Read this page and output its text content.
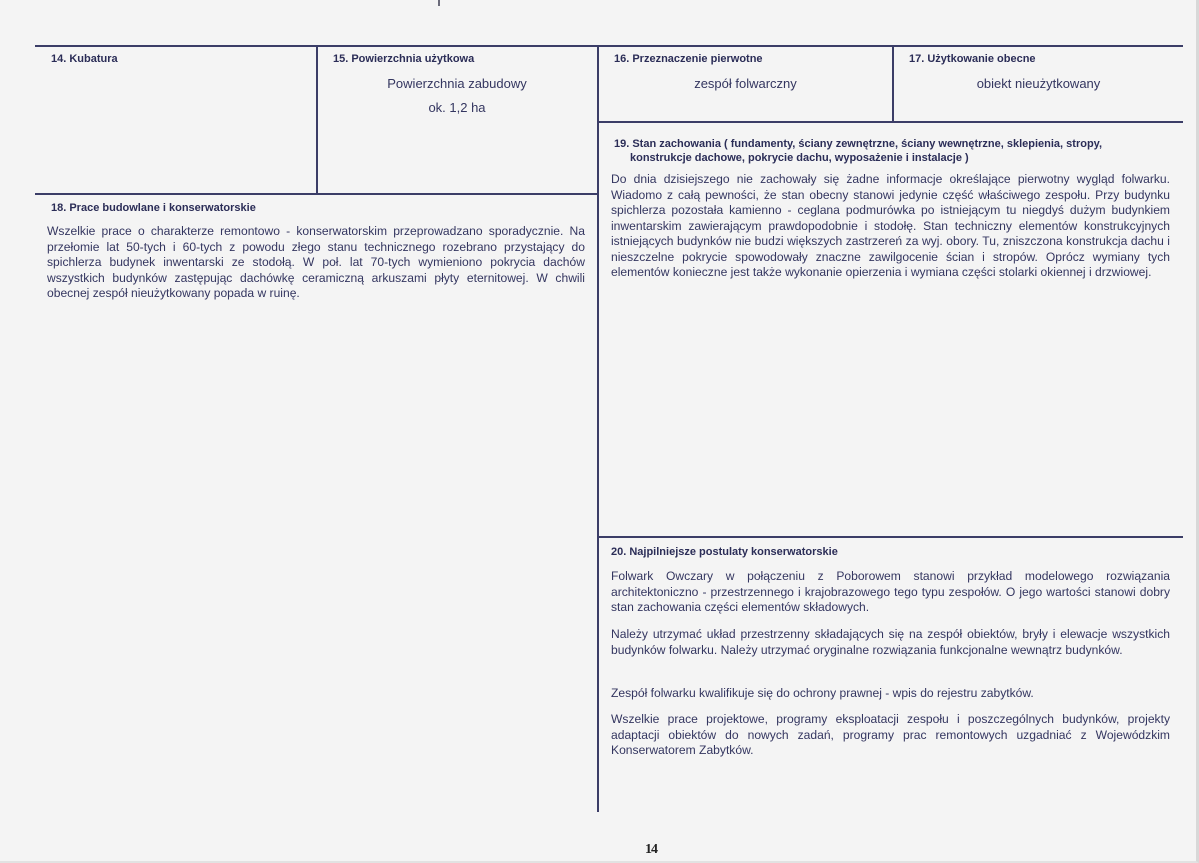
14. Kubatura	15. Powierzchnia użytkowa
Powierzchnia zabudowy
ok. 1,2 ha
16. Przeznaczenie pierwotne
zespół folwarczny
17. Użytkowanie obecne
obiekt nieużytkowany
18. Prace budowlane i konserwatorskie

Wszelkie prace o charakterze remontowo - konserwatorskim przeprowadzano sporadycznie. Na przełomie lat 50-tych i 60-tych z powodu złego stanu technicznego rozebrano przystający do spichlerza budynek inwentarski ze stodołą. W poł. lat 70-tych wymieniono pokrycia dachów wszystkich budynków zastępując dachówkę ceramiczną arkuszami płyty eternitowej. W chwili obecnej zespół nieużytkowany popada w ruinę.

19. Stan zachowania ( fundamenty, ściany zewnętrzne, ściany wewnętrzne, sklepienia, stropy,
konstrukcje dachowe, pokrycie dachu, wyposażenie i instalacje )

Do dnia dzisiejszego nie zachowały się żadne informacje określające pierwotny wygląd folwarku. Wiadomo z całą pewności, że stan obecny stanowi jedynie część właściwego zespołu. Przy budynku spichlerza pozostała kamienno - ceglana podmurówka po istniejącym tu niegdyś dużym budynkiem inwentarskim zawierającym prawdopodobnie i stodołę. Stan techniczny elementów konstrukcyjnych istniejących budynków nie budzi większych zastrzereń za wyj. obory. Tu, zniszczona konstrukcja dachu i nieszczelne pokrycie spowodowały znaczne zawilgocenie ścian i stropów. Oprócz wymiany tych elementów konieczne jest także wykonanie opierzenia i wymiana części stolarki okiennej i drzwiowej.

20. Najpilniejsze postulaty konserwatorskie

Folwark Owczary w połączeniu z Poborowem stanowi przykład modelowego rozwiązania architektoniczno - przestrzennego i krajobrazowego tego typu zespołów. O jego wartości stanowi dobry stan zachowania części elementów składowych.

Należy utrzymać układ przestrzenny składających się na zespół obiektów, bryły i elewacje wszystkich budynków folwarku. Należy utrzymać oryginalne rozwiązania funkcjonalne wewnątrz budynków.

Zespół folwarku kwalifikuje się do ochrony prawnej - wpis do rejestru zabytków.

Wszelkie prace projektowe, programy eksploatacji zespołu i poszczególnych budynków, projekty adaptacji obiektów do nowych zadań, programy prac remontowych uzgadniać z Wojewódzkim Konserwatorem Zabytków.

14
